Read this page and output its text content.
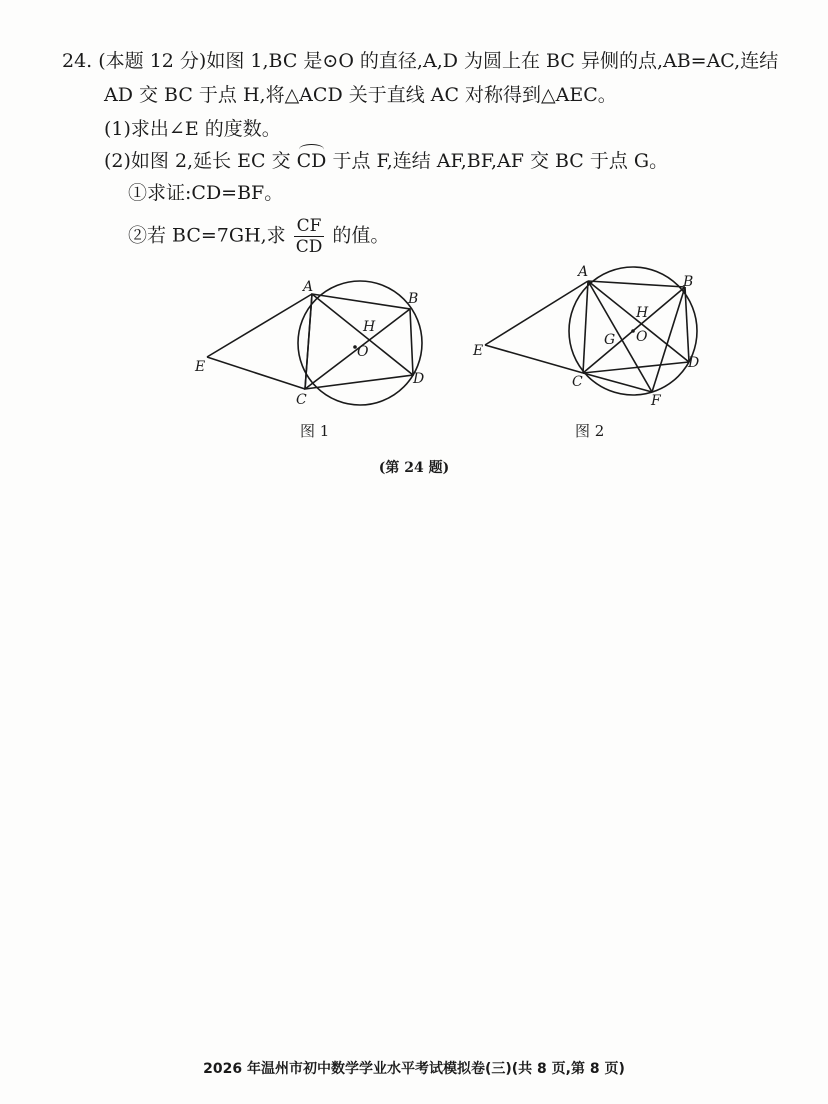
24. (本题 12 分)如图 1,BC 是⊙O 的直径,A,D 为圆上在 BC 异侧的点,AB=AC,连结
AD 交 BC 于点 H,将△ACD 关于直线 AC 对称得到△AEC。
(1)求出∠E 的度数。
(2)如图 2,延长 EC 交 CD 于点 F,连结 AF,BF,AF 交 BC 于点 G。
①求证:CD=BF。
②若 BC=7GH,求 $\frac{CF}{CD}$ 的值。
A
B
C
D
E
H
O
A
B
C
D
E
F
G
H
O
图 1	图 2
(第 24 题)
2026 年温州市初中数学学业水平考试模拟卷(三)(共 8 页,第 8 页)
